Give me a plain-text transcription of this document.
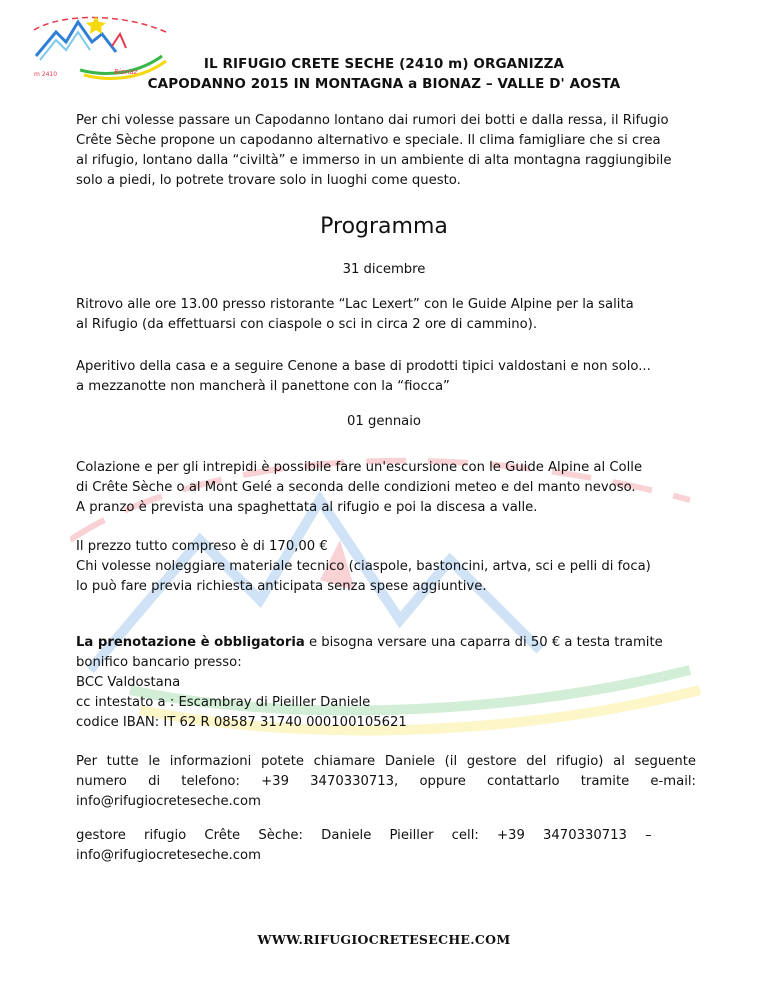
m 2410	Bionaz	IL RIFUGIO CRETE SECHE (2410 m) ORGANIZZA
CAPODANNO 2015 IN MONTAGNA a BIONAZ – VALLE D' AOSTA

Per chi volesse passare un Capodanno lontano dai rumori dei botti e dalla ressa, il Rifugio
Crête Sèche propone un capodanno alternativo e speciale. Il clima famigliare che si crea
al rifugio, lontano dalla “civiltà” e immerso in un ambiente di alta montagna raggiungibile
solo a piedi, lo potrete trovare solo in luoghi come questo.

Programma
31 dicembre

Ritrovo alle ore 13.00 presso ristorante “Lac Lexert” con le Guide Alpine per la salita
al Rifugio (da effettuarsi con ciaspole o sci in circa 2 ore di cammino).

Aperitivo della casa e a seguire Cenone a base di prodotti tipici valdostani e non solo...
a mezzanotte non mancherà il panettone con la “fiocca”

01 gennaio

Colazione e per gli intrepidi è possibile fare un'escursione con le Guide Alpine al Colle
di Crête Sèche o al Mont Gelé a seconda delle condizioni meteo e del manto nevoso.
A pranzo è prevista una spaghettata al rifugio e poi la discesa a valle.

Il prezzo tutto compreso è di 170,00 €
Chi volesse noleggiare materiale tecnico (ciaspole, bastoncini, artva, sci e pelli di foca)
lo può fare previa richiesta anticipata senza spese aggiuntive.

La prenotazione è obbligatoria e bisogna versare una caparra di 50 € a testa tramite
bonifico bancario presso:
BCC Valdostana
cc intestato a : Escambray di Pieiller Daniele
codice IBAN: IT 62 R 08587 31740 000100105621

Per tutte le informazioni potete chiamare Daniele (il gestore del rifugio) al seguente
numero di telefono: +39 3470330713, oppure contattarlo tramite e-mail:
info@rifugiocreteseche.com

gestore rifugio Crête Sèche: Daniele Pieiller cell: +39 3470330713 –
info@rifugiocreteseche.com

WWW.RIFUGIOCRETESECHE.COM
